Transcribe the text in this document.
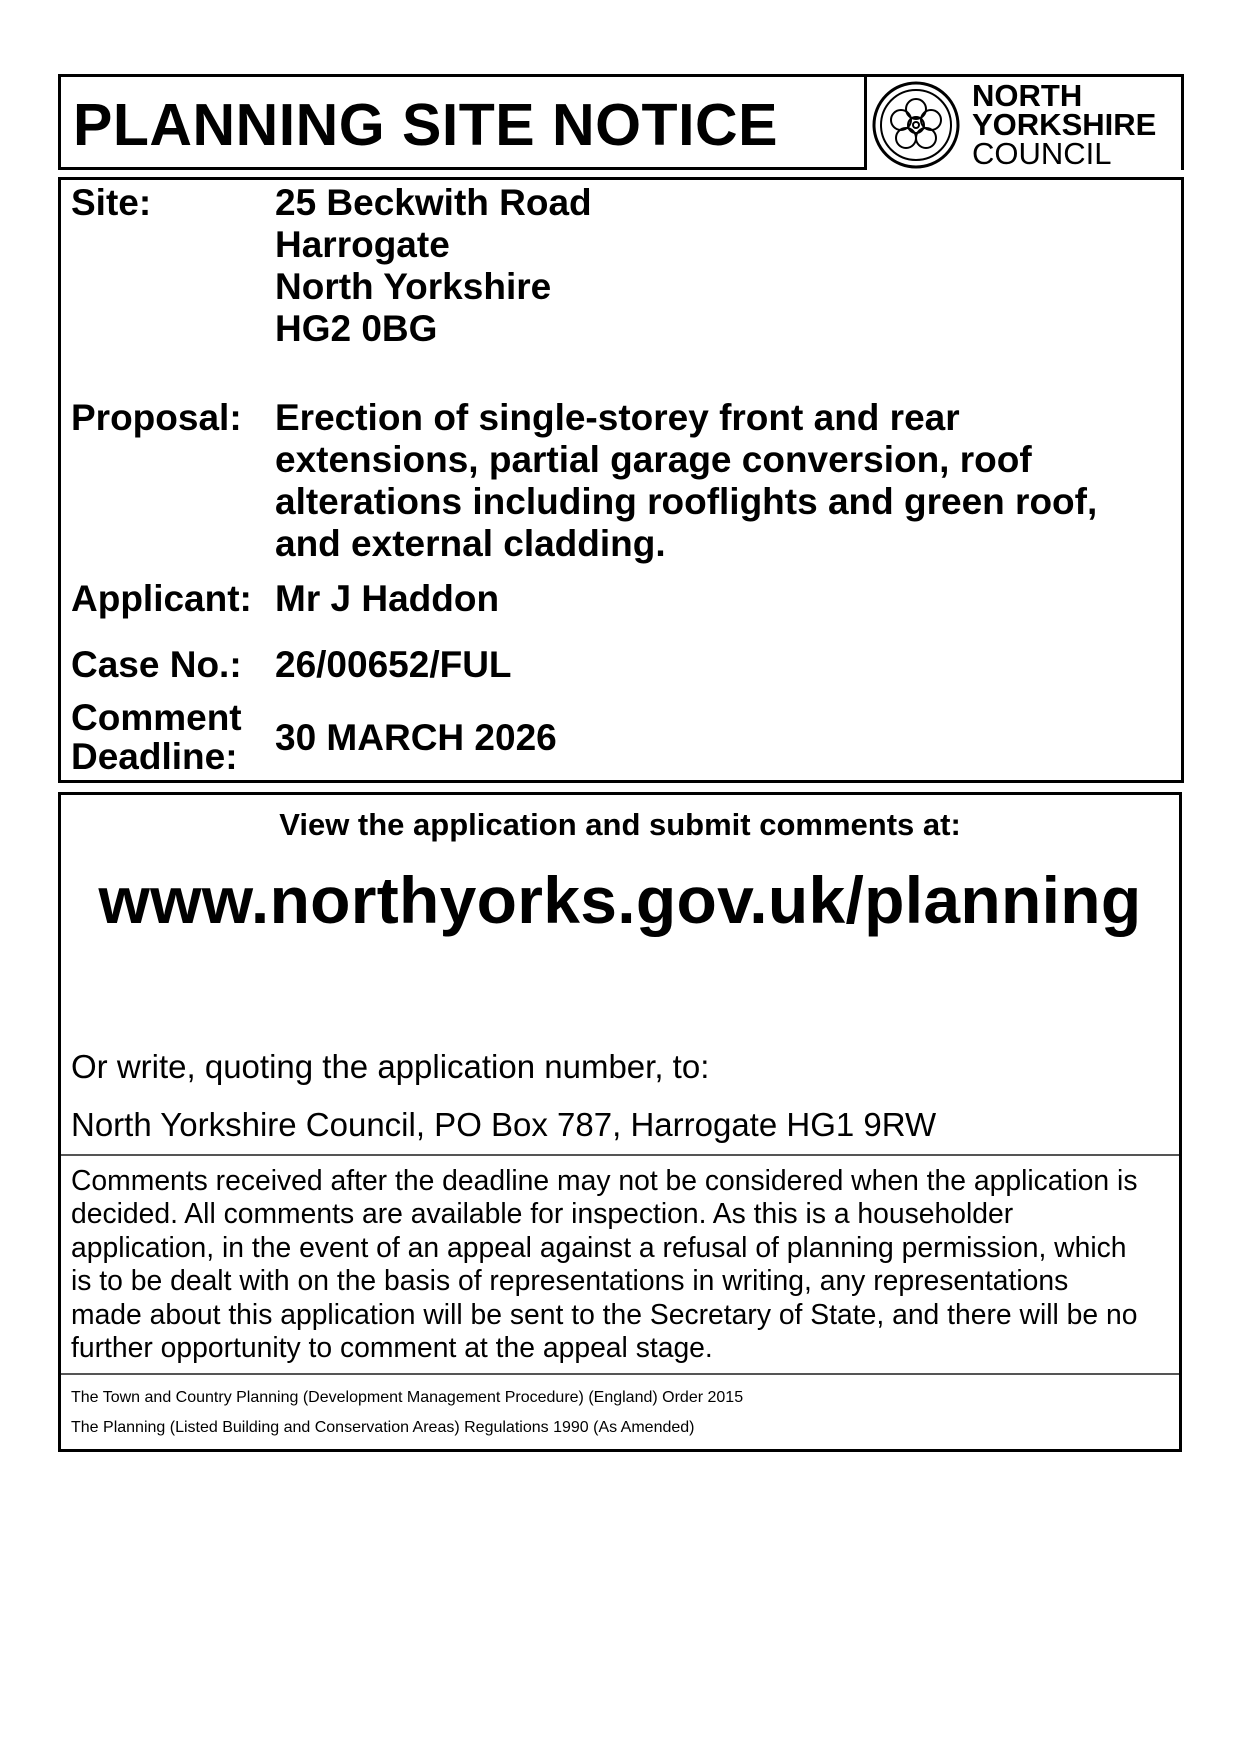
PLANNING SITE NOTICE	NORTH
YORKSHIRE
COUNCIL
Site:	25 Beckwith Road
Harrogate
North Yorkshire
HG2 0BG
Proposal: Erection of single-storey front and rear
extensions, partial garage conversion, roof
alterations including rooflights and green roof,
and external cladding.
Applicant: Mr J Haddon
Case No.: 26/00652/FUL
Comment
Deadline: 30 MARCH 2026
View the application and submit comments at:
www.northyorks.gov.uk/planning
Or write, quoting the application number, to:
North Yorkshire Council, PO Box 787, Harrogate HG1 9RW
Comments received after the deadline may not be considered when the application is
decided. All comments are available for inspection. As this is a householder
application, in the event of an appeal against a refusal of planning permission, which
is to be dealt with on the basis of representations in writing, any representations
made about this application will be sent to the Secretary of State, and there will be no
further opportunity to comment at the appeal stage.
The Town and Country Planning (Development Management Procedure) (England) Order 2015
The Planning (Listed Building and Conservation Areas) Regulations 1990 (As Amended)
